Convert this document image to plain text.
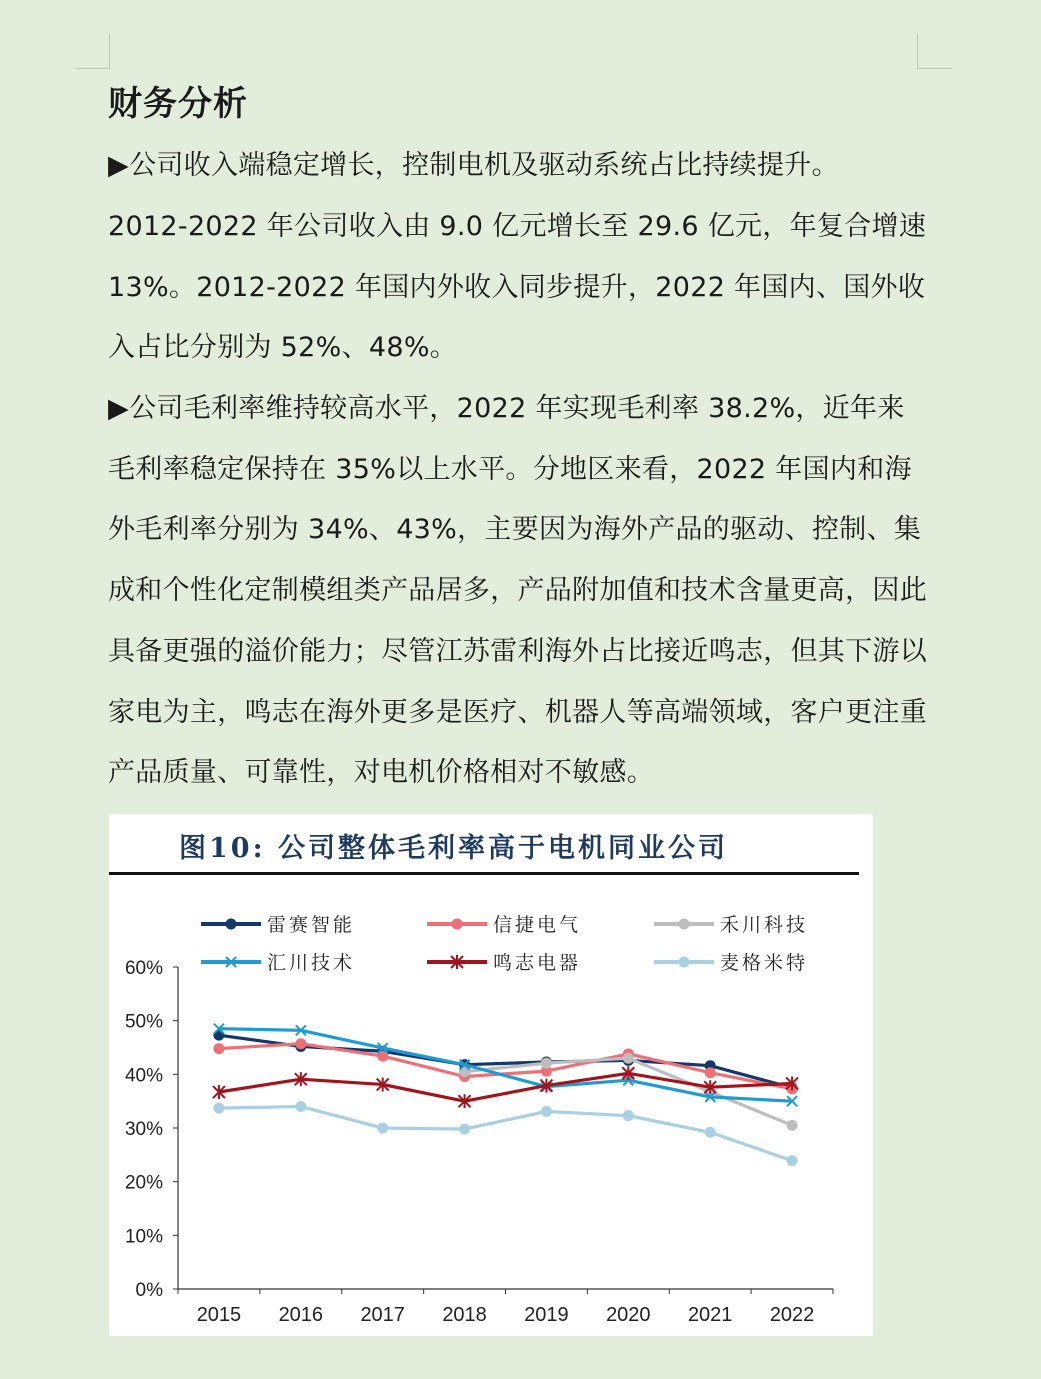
财务分析

▶公司收入端稳定增长，控制电机及驱动系统占比持续提升。

2012-2022 年公司收入由 9.0 亿元增长至 29.6 亿元，年复合增速 13%。2012-2022 年国内外收入同步提升，2022 年国内、国外收入占比分别为 52%、48%。

▶公司毛利率维持较高水平，2022 年实现毛利率 38.2%，近年来毛利率稳定保持在 35%以上水平。分地区来看，2022 年国内和海外毛利率分别为 34%、43%，主要因为海外产品的驱动、控制、集成和个性化定制模组类产品居多，产品附加值和技术含量更高，因此具备更强的溢价能力；尽管江苏雷利海外占比接近鸣志，但其下游以家电为主，鸣志在海外更多是医疗、机器人等高端领域，客户更注重产品质量、可靠性，对电机价格相对不敏感。

图10: 公司整体毛利率高于电机同业公司
0%
10%
20%
30%
40%
50%
60%
2015 2016 2017 2018 2019 2020 2021 2022
雷赛智能	信捷电气	禾川科技
汇川技术	鸣志电器	麦格米特
